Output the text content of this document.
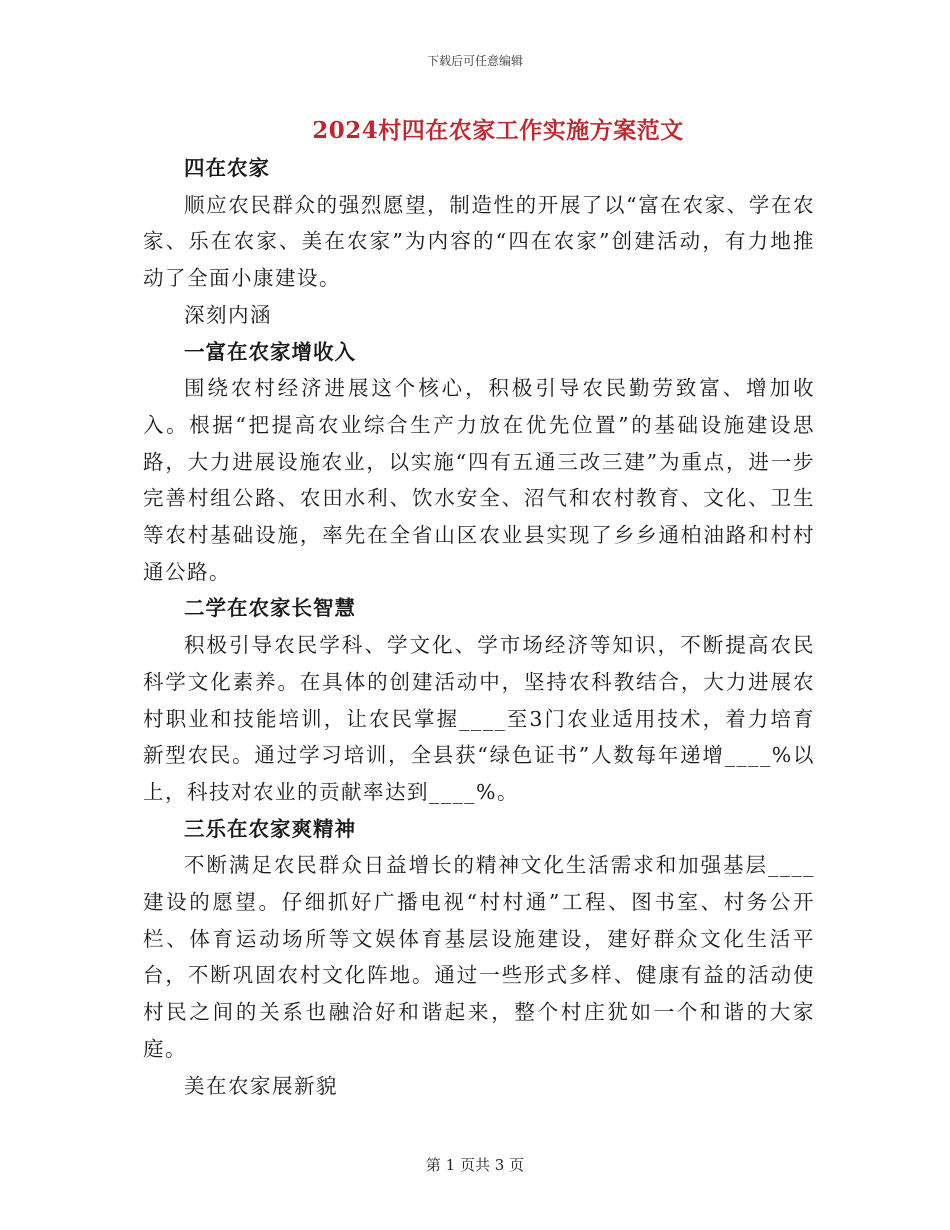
下载后可任意编辑
2024村四在农家工作实施方案范文

四在农家

顺应农民群众的强烈愿望，制造性的开展了以“富在农家、学在农家、乐在农家、美在农家”为内容的“四在农家”创建活动，有力地推动了全面小康建设。

深刻内涵

一富在农家增收入

围绕农村经济进展这个核心，积极引导农民勤劳致富、增加收入。根据“把提高农业综合生产力放在优先位置”的基础设施建设思路，大力进展设施农业，以实施“四有五通三改三建”为重点，进一步完善村组公路、农田水利、饮水安全、沼气和农村教育、文化、卫生等农村基础设施，率先在全省山区农业县实现了乡乡通柏油路和村村通公路。

二学在农家长智慧

积极引导农民学科、学文化、学市场经济等知识，不断提高农民科学文化素养。在具体的创建活动中，坚持农科教结合，大力进展农村职业和技能培训，让农民掌握____至3门农业适用技术，着力培育新型农民。通过学习培训，全县获“绿色证书”人数每年递增____%以上，科技对农业的贡献率达到____%。

三乐在农家爽精神

不断满足农民群众日益增长的精神文化生活需求和加强基层____建设的愿望。仔细抓好广播电视“村村通”工程、图书室、村务公开栏、体育运动场所等文娱体育基层设施建设，建好群众文化生活平台，不断巩固农村文化阵地。通过一些形式多样、健康有益的活动使村民之间的关系也融洽好和谐起来，整个村庄犹如一个和谐的大家庭。

美在农家展新貌

第 1 页共 3 页
